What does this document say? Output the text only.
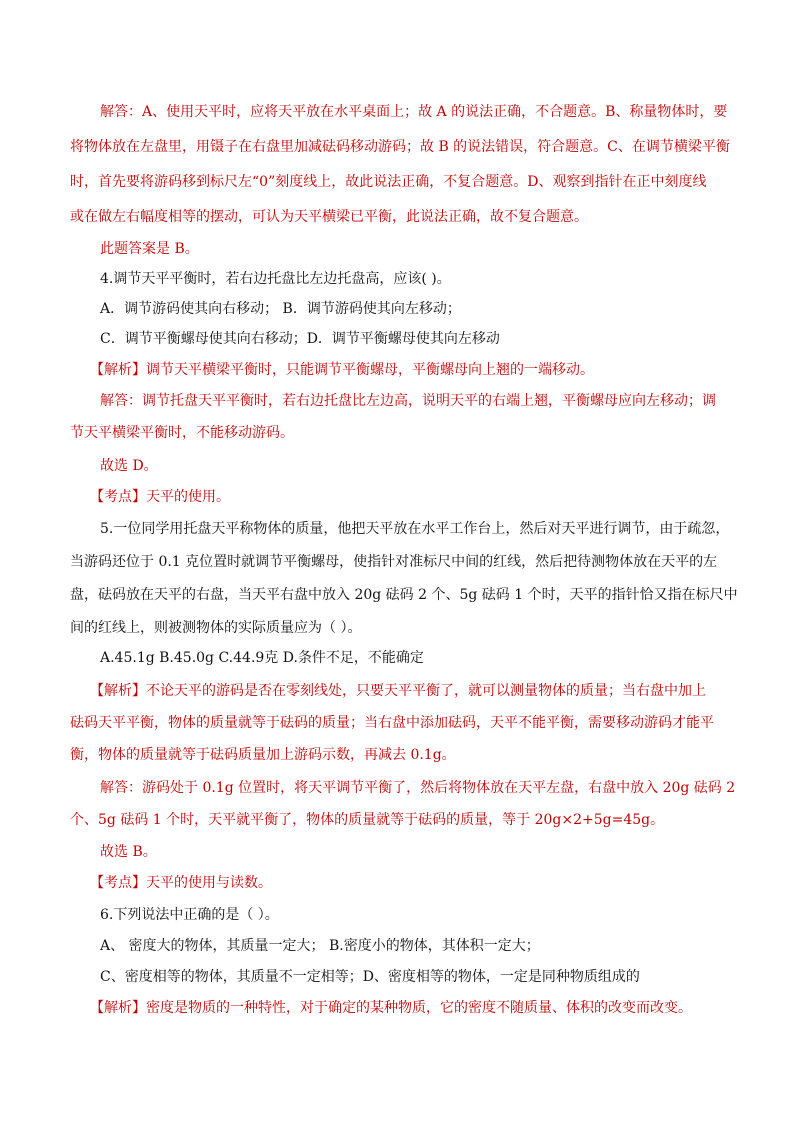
解答：A、使用天平时，应将天平放在水平桌面上；故 A 的说法正确，不合题意。B、称量物体时，要
将物体放在左盘里，用镊子在右盘里加减砝码移动游码；故 B 的说法错误，符合题意。C、在调节横梁平衡
时，首先要将游码移到标尺左“0”刻度线上，故此说法正确，不复合题意。D、观察到指针在正中刻度线
或在做左右幅度相等的摆动，可认为天平横梁已平衡，此说法正确，故不复合题意。
此题答案是 B。
4.调节天平平衡时，若右边托盘比左边托盘高，应该( )。
A．调节游码使其向右移动； B．调节游码使其向左移动；
C．调节平衡螺母使其向右移动；D．调节平衡螺母使其向左移动
【解析】调节天平横梁平衡时，只能调节平衡螺母，平衡螺母向上翘的一端移动。
解答：调节托盘天平平衡时，若右边托盘比左边高，说明天平的右端上翘，平衡螺母应向左移动；调
节天平横梁平衡时，不能移动游码。
故选 D。
【考点】天平的使用。
5.一位同学用托盘天平称物体的质量，他把天平放在水平工作台上，然后对天平进行调节，由于疏忽，
当游码还位于 0.1 克位置时就调节平衡螺母，使指针对准标尺中间的红线，然后把待测物体放在天平的左
盘，砝码放在天平的右盘，当天平右盘中放入 20g 砝码 2 个、5g 砝码 1 个时，天平的指针恰又指在标尺中
间的红线上，则被测物体的实际质量应为（ ）。
A.45.1g B.45.0g C.44.9克 D.条件不足，不能确定
【解析】不论天平的游码是否在零刻线处，只要天平平衡了，就可以测量物体的质量；当右盘中加上
砝码天平平衡，物体的质量就等于砝码的质量；当右盘中添加砝码，天平不能平衡，需要移动游码才能平
衡，物体的质量就等于砝码质量加上游码示数，再减去 0.1g。
解答：游码处于 0.1g 位置时，将天平调节平衡了，然后将物体放在天平左盘，右盘中放入 20g 砝码 2
个、5g 砝码 1 个时，天平就平衡了，物体的质量就等于砝码的质量，等于 20g×2+5g=45g。
故选 B。
【考点】天平的使用与读数。
6.下列说法中正确的是（ ）。
A、 密度大的物体，其质量一定大； B.密度小的物体，其体积一定大；
C、密度相等的物体，其质量不一定相等；D、密度相等的物体，一定是同种物质组成的
【解析】密度是物质的一种特性，对于确定的某种物质，它的密度不随质量、体积的改变而改变。
